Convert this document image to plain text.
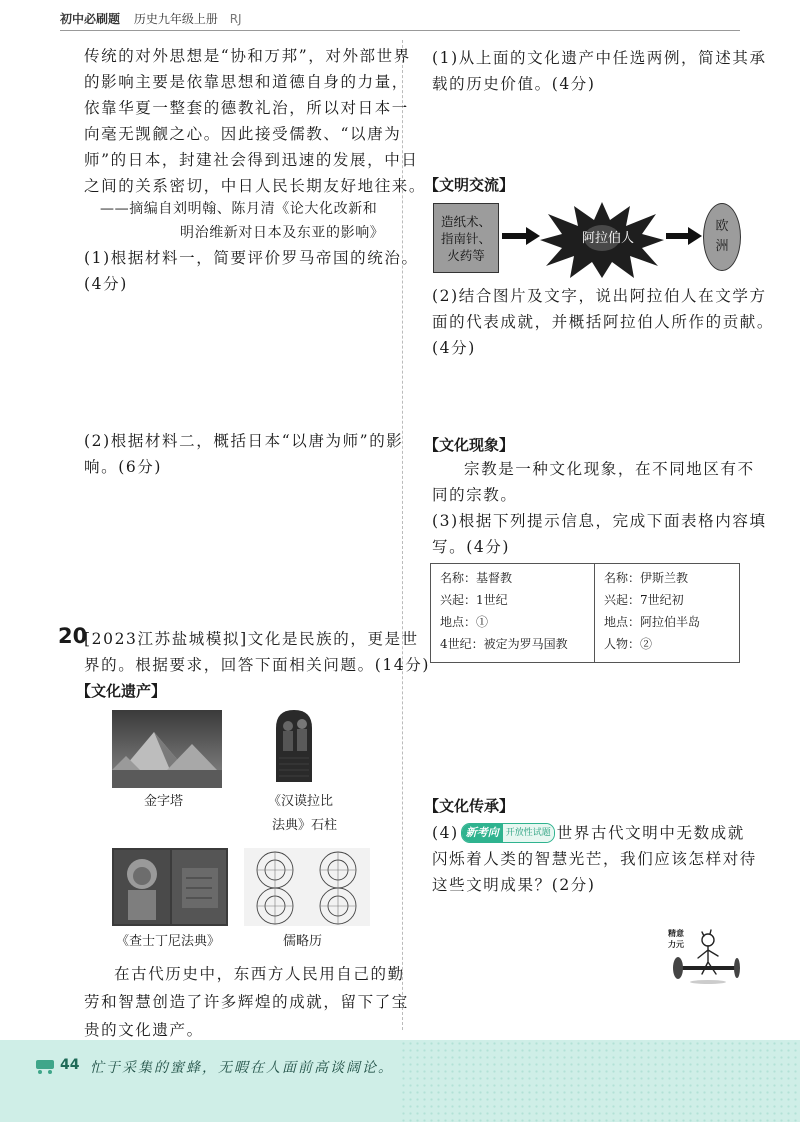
初中必刷题 历史九年级上册 RJ
传统的对外思想是“协和万邦”，对外部世界
的影响主要是依靠思想和道德自身的力量，
依靠华夏一整套的德教礼治，所以对日本一
向毫无觊觎之心。因此接受儒教、“以唐为
师”的日本，封建社会得到迅速的发展，中日
之间的关系密切，中日人民长期友好地往来。
——摘编自刘明翰、陈月清《论大化改新和
明治维新对日本及东亚的影响》
(1)根据材料一，简要评价罗马帝国的统治。
(4分)
(2)根据材料二，概括日本“以唐为师”的影
响。(6分)
20
[2023江苏盐城模拟]文化是民族的，更是世
界的。根据要求，回答下面相关问题。(14分)
【文化遗产】
金字塔	《汉谟拉比
法典》石柱
《查士丁尼法典》	儒略历
在古代历史中，东西方人民用自己的勤
劳和智慧创造了许多辉煌的成就，留下了宝
贵的文化遗产。
(1)从上面的文化遗产中任选两例，简述其承
载的历史价值。(4分)
【文明交流】
造纸术、
指南针、
火药等
阿拉伯人
欧
洲
(2)结合图片及文字，说出阿拉伯人在文学方
面的代表成就，并概括阿拉伯人所作的贡献。
(4分)
【文化现象】
宗教是一种文化现象，在不同地区有不
同的宗教。
(3)根据下列提示信息，完成下面表格内容填
写。(4分)
名称：基督教
兴起：1世纪
地点：①
4世纪：被定为罗马国教
名称：伊斯兰教
兴起：7世纪初
地点：阿拉伯半岛
人物：②
【文化传承】
(4) 新考向 开放性试题 世界古代文明中无数成就
闪烁着人类的智慧光芒，我们应该怎样对待
这些文明成果？(2分)
精意
力元
44 忙于采集的蜜蜂，无暇在人面前高谈阔论。
